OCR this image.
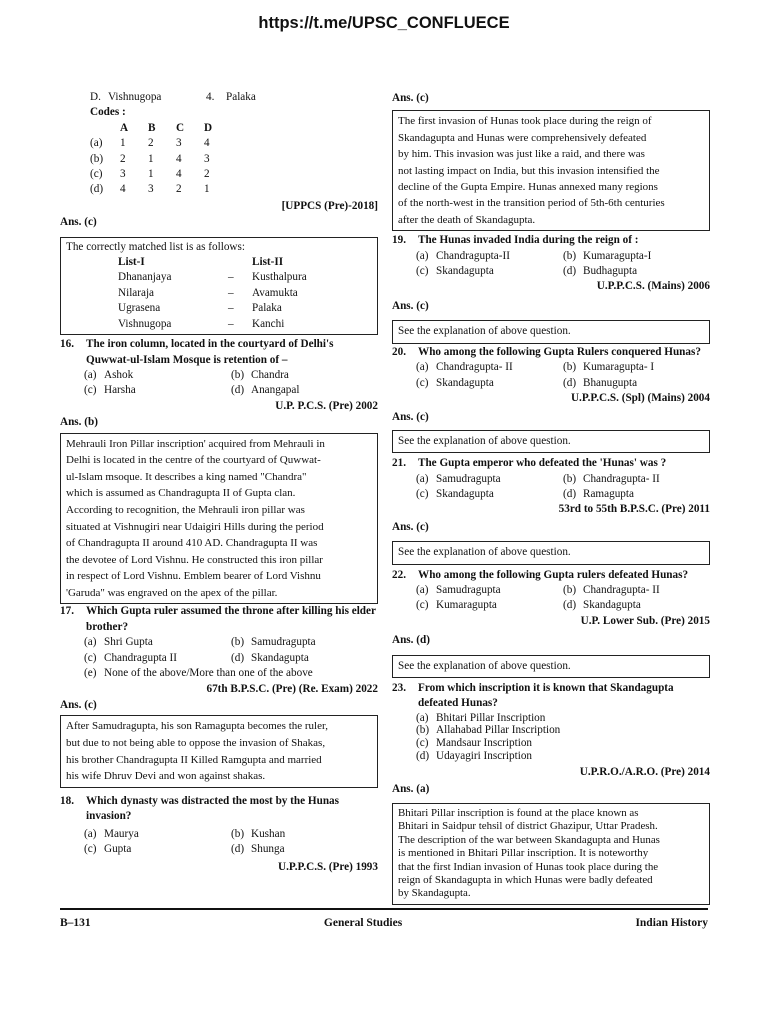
https://t.me/UPSC_CONFLUECE
D. Vishnugopa	4.	Palaka
Codes :
A	B	C	D
(a)	1	2	3	4
(b)	2	1	4	3
(c)	3	1	4	2
(d)	4	3	2	1
[UPPCS (Pre)-2018]
Ans. (c)
The correctly matched list is as follows:
List-I	List-II
Dhananjaya	–	Kusthalpura
Nilaraja	–	Avamukta
Ugrasena	–	Palaka
Vishnugopa	–	Kanchi
16.	The iron column, located in the courtyard of Delhi's Quwwat-ul-Islam Mosque is retention of –
(a) Ashok	(b) Chandra
(c) Harsha	(d) Anangapal
U.P. P.C.S. (Pre) 2002
Ans. (b)
Mehrauli Iron Pillar inscription' acquired from Mehrauli in
Delhi is located in the centre of the courtyard of Quwwat-
ul-Islam msoque. It describes a king named "Chandra"
which is assumed as Chandragupta II of Gupta clan.
According to recognition, the Mehrauli iron pillar was
situated at Vishnugiri near Udaigiri Hills during the period
of Chandragupta II around 410 AD. Chandragupta II was
the devotee of Lord Vishnu. He constructed this iron pillar
in respect of Lord Vishnu. Emblem bearer of Lord Vishnu
'Garuda" was engraved on the apex of the pillar.
17.	Which Gupta ruler assumed the throne after killing his elder brother?
(a) Shri Gupta	(b) Samudragupta
(c) Chandragupta II	(d) Skandagupta
(e) None of the above/More than one of the above
67th B.P.S.C. (Pre) (Re. Exam) 2022
Ans. (c)
After Samudragupta, his son Ramagupta becomes the ruler,
but due to not being able to oppose the invasion of Shakas,
his brother Chandragupta II Killed Ramgupta and married
his wife Dhruv Devi and won against shakas.
18.	Which dynasty was distracted the most by the Hunas invasion?
(a) Maurya	(b) Kushan
(c) Gupta	(d) Shunga
U.P.P.C.S. (Pre) 1993
Ans. (c)
The first invasion of Hunas took place during the reign of
Skandagupta and Hunas were comprehensively defeated
by him. This invasion was just like a raid, and there was
not lasting impact on India, but this invasion intensified the
decline of the Gupta Empire. Hunas annexed many regions
of the north-west in the transition period of 5th-6th centuries
after the death of Skandagupta.
19.	The Hunas invaded India during the reign of :
(a) Chandragupta-II	(b) Kumaragupta-I
(c) Skandagupta	(d) Budhagupta
U.P.P.C.S. (Mains) 2006
Ans. (c)
See the explanation of above question.
20.	Who among the following Gupta Rulers conquered Hunas?
(a) Chandragupta- II	(b) Kumaragupta- I
(c) Skandagupta	(d) Bhanugupta
U.P.P.C.S. (Spl) (Mains) 2004
Ans. (c)
See the explanation of above question.
21.	The Gupta emperor who defeated the 'Hunas' was ?
(a) Samudragupta	(b) Chandragupta- II
(c) Skandagupta	(d) Ramagupta
53rd to 55th B.P.S.C. (Pre) 2011
Ans. (c)
See the explanation of above question.
22.	Who among the following Gupta rulers defeated Hunas?
(a) Samudragupta	(b) Chandragupta- II
(c) Kumaragupta	(d) Skandagupta
U.P. Lower Sub. (Pre) 2015
Ans. (d)
See the explanation of above question.
23.	From which inscription it is known that Skandagupta defeated Hunas?
(a) Bhitari Pillar Inscription
(b) Allahabad Pillar Inscription
(c) Mandsaur Inscription
(d) Udayagiri Inscription
U.P.R.O./A.R.O. (Pre) 2014
Ans. (a)
Bhitari Pillar inscription is found at the place known as
Bhitari in Saidpur tehsil of district Ghazipur, Uttar Pradesh.
The description of the war between Skandagupta and Hunas
is mentioned in Bhitari Pillar inscription. It is noteworthy
that the first Indian invasion of Hunas took place during the
reign of Skandagupta in which Hunas were badly defeated
by Skandagupta.
B–131	General Studies	Indian History
